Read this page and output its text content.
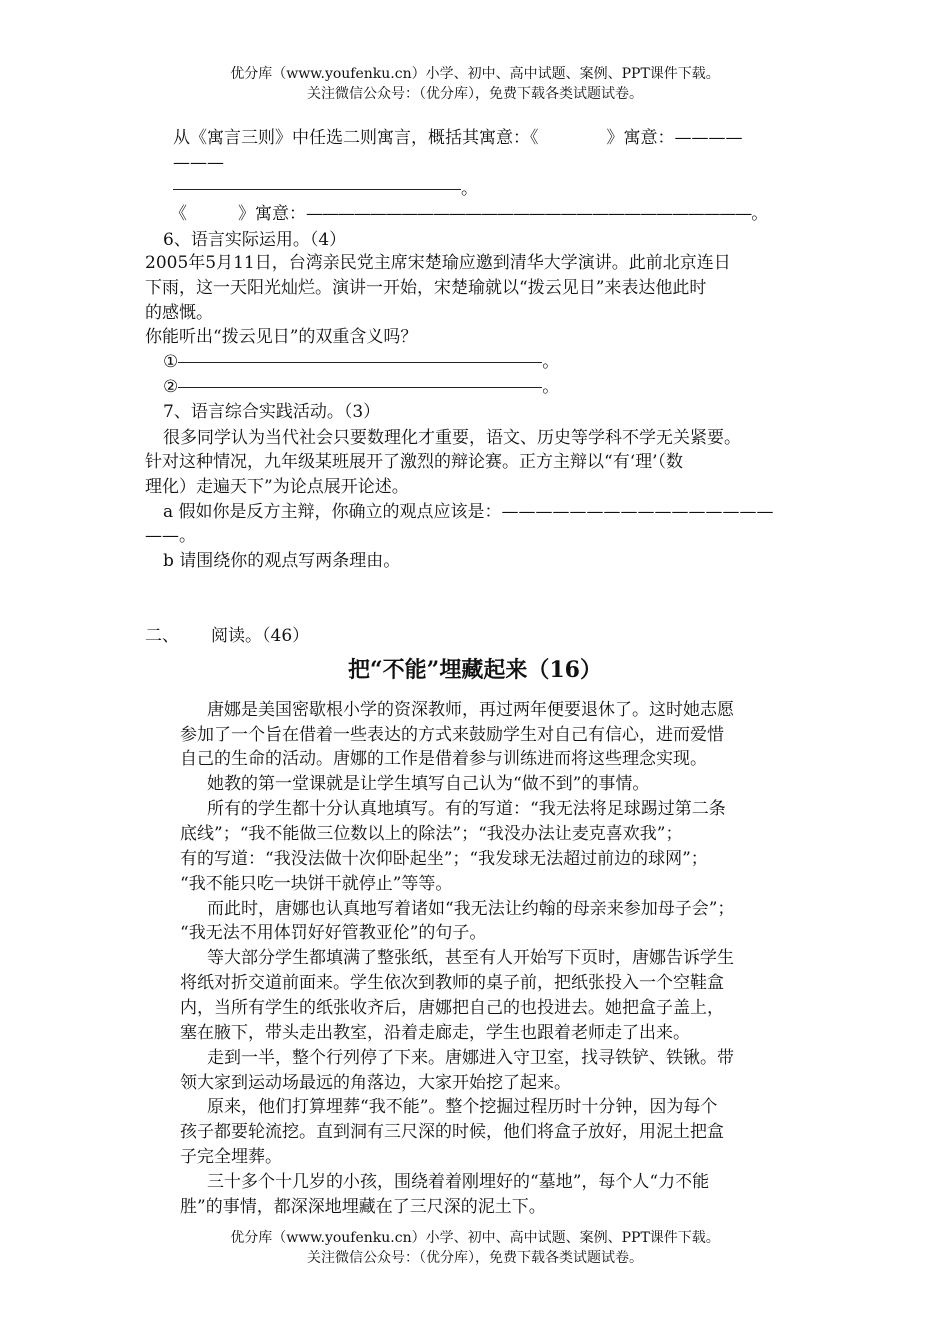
优分库（www.youfenku.cn）小学、初中、高中试题、案例、PPT课件下载。
关注微信公众号：（优分库），免费下载各类试题试卷。
从《寓言三则》中任选二则寓言，概括其寓意：《　　　　》寓意：————
———
。
《　　　》寓意：————————————————————————————。
6、语言实际运用。（4）
2005年5月11日，台湾亲民党主席宋楚瑜应邀到清华大学演讲。此前北京连日
下雨，这一天阳光灿烂。演讲一开始，宋楚瑜就以“拨云见日”来表达他此时
的感慨。
你能听出“拨云见日”的双重含义吗？
①	。
②	。
7、语言综合实践活动。（3）
很多同学认为当代社会只要数理化才重要，语文、历史等学科不学无关紧要。
针对这种情况，九年级某班展开了激烈的辩论赛。正方主辩以“有‘理’（数
理化）走遍天下”为论点展开论述。
a 假如你是反方主辩，你确立的观点应该是：————————————————
——。
b 请围绕你的观点写两条理由。
二、 阅读。（46）
把“不能”埋藏起来（16）
唐娜是美国密歇根小学的资深教师，再过两年便要退休了。这时她志愿
参加了一个旨在借着一些表达的方式来鼓励学生对自己有信心，进而爱惜
自己的生命的活动。唐娜的工作是借着参与训练进而将这些理念实现。
她教的第一堂课就是让学生填写自己认为“做不到”的事情。
所有的学生都十分认真地填写。有的写道：“我无法将足球踢过第二条
底线”；“我不能做三位数以上的除法”；“我没办法让麦克喜欢我”；
有的写道：“我没法做十次仰卧起坐”；“我发球无法超过前边的球网”；
“我不能只吃一块饼干就停止”等等。
而此时，唐娜也认真地写着诸如“我无法让约翰的母亲来参加母子会”；
“我无法不用体罚好好管教亚伦”的句子。
等大部分学生都填满了整张纸，甚至有人开始写下页时，唐娜告诉学生
将纸对折交道前面来。学生依次到教师的桌子前，把纸张投入一个空鞋盒
内，当所有学生的纸张收齐后，唐娜把自己的也投进去。她把盒子盖上，
塞在腋下，带头走出教室，沿着走廊走，学生也跟着老师走了出来。
走到一半，整个行列停了下来。唐娜进入守卫室，找寻铁铲、铁锹。带
领大家到运动场最远的角落边，大家开始挖了起来。
原来，他们打算埋葬“我不能”。整个挖掘过程历时十分钟，因为每个
孩子都要轮流挖。直到洞有三尺深的时候，他们将盒子放好，用泥土把盒
子完全埋葬。
三十多个十几岁的小孩，围绕着着刚埋好的“墓地”，每个人“力不能
胜”的事情，都深深地埋藏在了三尺深的泥土下。
优分库（www.youfenku.cn）小学、初中、高中试题、案例、PPT课件下载。
关注微信公众号：（优分库），免费下载各类试题试卷。
